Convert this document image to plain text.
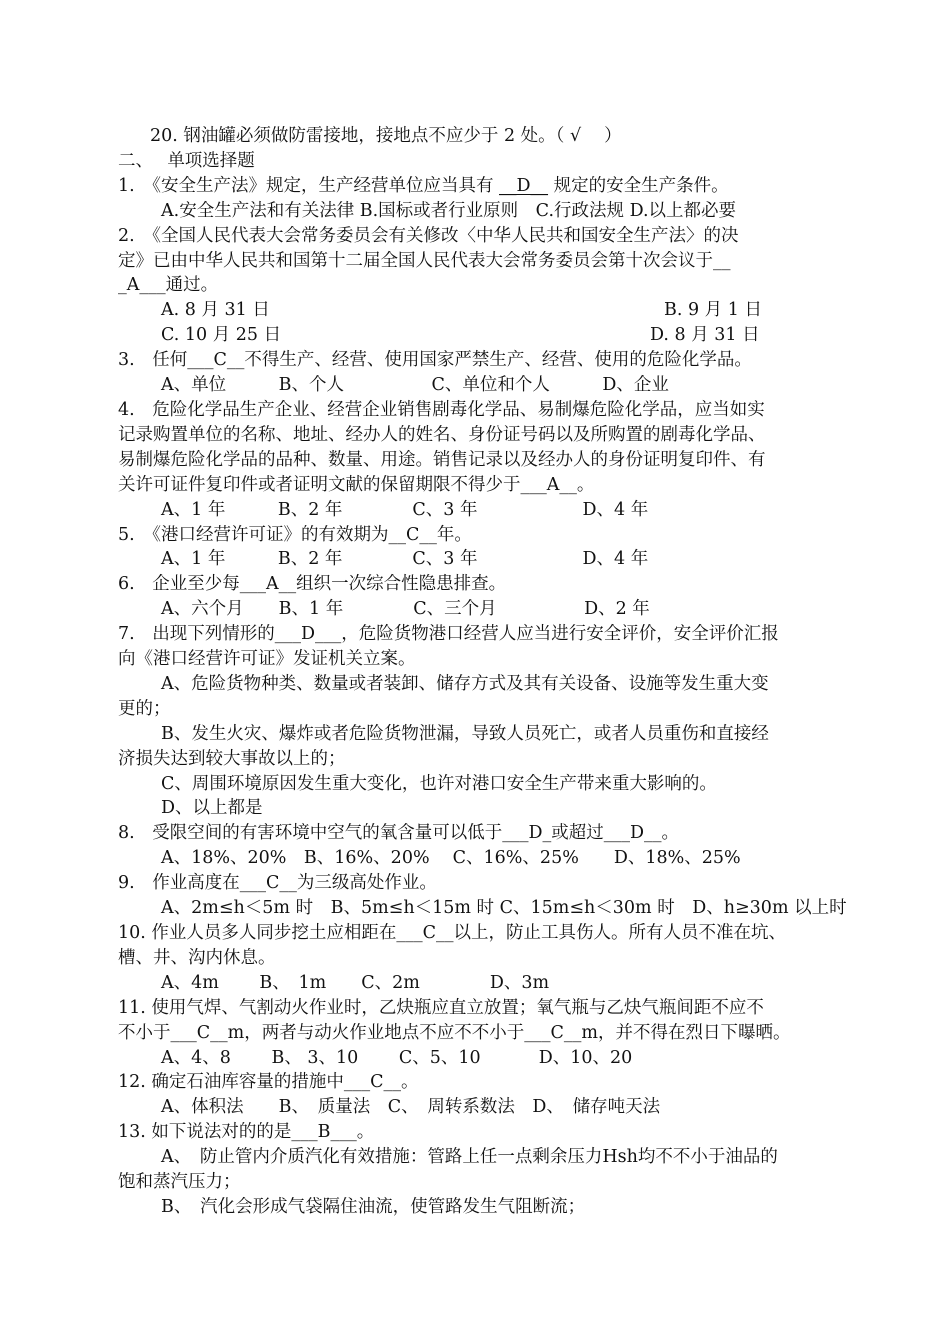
20. 钢油罐必须做防雷接地，接地点不应少于 2 处。（ √　 ）
二、　 单项选择题
1.　《安全生产法》规定，生产经营单位应当具有 __D__ 规定的安全生产条件。
A.安全生产法和有关法律 B.国标或者行业原则　C.行政法规 D.以上都必要
2.　《全国人民代表大会常务委员会有关修改〈中华人民共和国安全生产法〉的决
定》已由中华人民共和国第十二届全国人民代表大会常务委员会第十次会议于__
_A___通过。
A. 8 月 31 日	B. 9 月 1 日
C. 10 月 25 日	D. 8 月 31 日
3.　任何___C__不得生产、经营、使用国家严禁生产、经营、使用的危险化学品。
A、单位　　　B、个人　　　　　C、单位和个人　　　D、企业
4.　危险化学品生产企业、经营企业销售剧毒化学品、易制爆危险化学品，应当如实
记录购置单位的名称、地址、经办人的姓名、身份证号码以及所购置的剧毒化学品、
易制爆危险化学品的品种、数量、用途。销售记录以及经办人的身份证明复印件、有
关许可证件复印件或者证明文献的保留期限不得少于___A__。
A、1 年　　　B、2 年　　　　C、3 年　　　　　　D、4 年
5.　《港口经营许可证》的有效期为__C__年。
A、1 年　　　B、2 年　　　　C、3 年　　　　　　D、4 年
6.　企业至少每___A__组织一次综合性隐患排查。
A、六个月　　B、1 年　　　　C、三个月　　　　　D、2 年
7.　出现下列情形的___D___，危险货物港口经营人应当进行安全评价，安全评价汇报
向《港口经营许可证》发证机关立案。
A、危险货物种类、数量或者装卸、储存方式及其有关设备、设施等发生重大变
更的；
B、发生火灾、爆炸或者危险货物泄漏，导致人员死亡，或者人员重伤和直接经
济损失达到较大事故以上的；
C、周围环境原因发生重大变化，也许对港口安全生产带来重大影响的。
D、以上都是
8.　受限空间的有害环境中空气的氧含量可以低于___D_或超过___D__。
A、18%、20%　B、16%、20%　 C、16%、25%　　D、18%、25%
9.　作业高度在___C__为三级高处作业。
A、2m≤h＜5m 时　B、5m≤h＜15m 时 C、15m≤h＜30m 时　D、h≥30m 以上时
10. 作业人员多人同步挖土应相距在___C__以上，防止工具伤人。所有人员不准在坑、
槽、井、沟内休息。
A、4m　　 B、　1m　　C、2m　　　　D、3m
11. 使用气焊、气割动火作业时，乙炔瓶应直立放置；氧气瓶与乙炔气瓶间距不应不
不小于___C__m，两者与动火作业地点不应不不小于___C__m，并不得在烈日下曝晒。
A、4、8　　 B、 3、10　　 C、5、10　　　 D、10、20
12. 确定石油库容量的措施中___C__。
A、体积法　　B、　质量法　C、　周转系数法　D、　储存吨天法
13. 如下说法对的的是___B___。
A、　防止管内介质汽化有效措施：管路上任一点剩余压力Hsh均不不小于油品的
饱和蒸汽压力；
B、　汽化会形成气袋隔住油流，使管路发生气阻断流；
